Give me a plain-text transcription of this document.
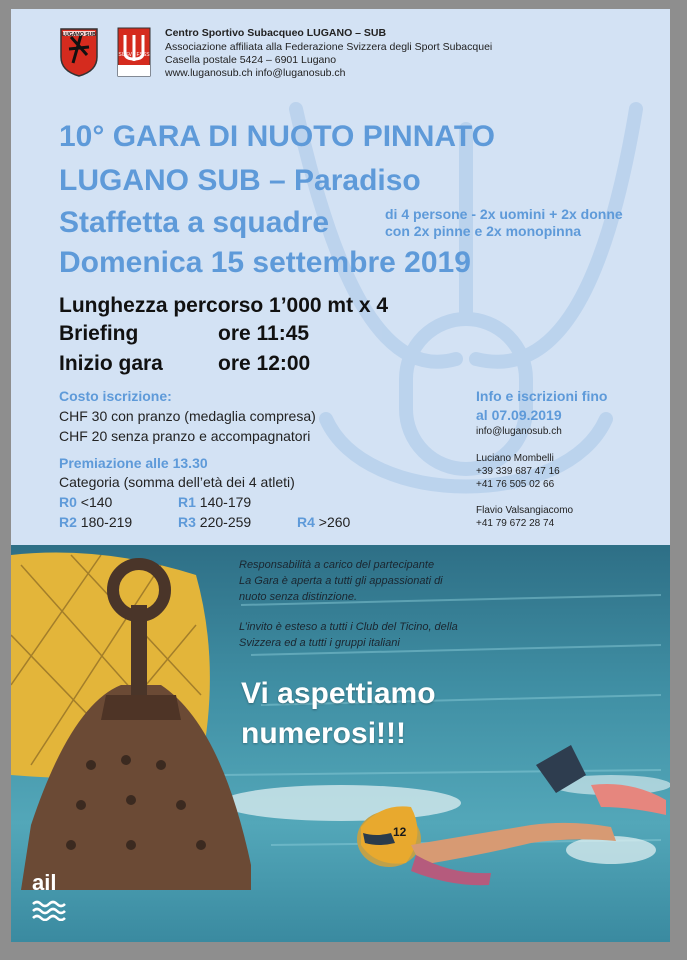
SUSV • FSSS
LUGANO SUB	Centro Sportivo Subacqueo LUGANO – SUB
Associazione affiliata alla Federazione Svizzera degli Sport Subacquei
Casella postale 5424 – 6901 Lugano
www.luganosub.ch info@luganosub.ch
10° GARA DI NUOTO PINNATO
LUGANO SUB – Paradiso
Staffetta a squadre	di 4 persone - 2x uomini + 2x donne
con 2x pinne e 2x monopinna
Domenica 15 settembre 2019
Lunghezza percorso 1’000 mt x 4
Briefing	ore 11:45
Inizio gara	ore 12:00
Costo iscrizione:
CHF 30 con pranzo (medaglia compresa)
CHF 20 senza pranzo e accompagnatori
Premiazione alle 13.30
Categoria (somma dell’età dei 4 atleti)
R0 <140	R1 140-179
R2 180-219	R3 220-259	R4 >260
Info e iscrizioni fino
al 07.09.2019
info@luganosub.ch
Luciano Mombelli
+39 339 687 47 16
+41 76 505 02 66
Flavio Valsangiacomo
+41 79 672 28 74
Responsabilità a carico del partecipante
La Gara è aperta a tutti gli appassionati di
nuoto senza distinzione.
L’invito è esteso a tutti i Club del Ticino, della
Svizzera ed a tutti i gruppi italiani
Vi aspettiamo
numerosi!!!
12
ail
